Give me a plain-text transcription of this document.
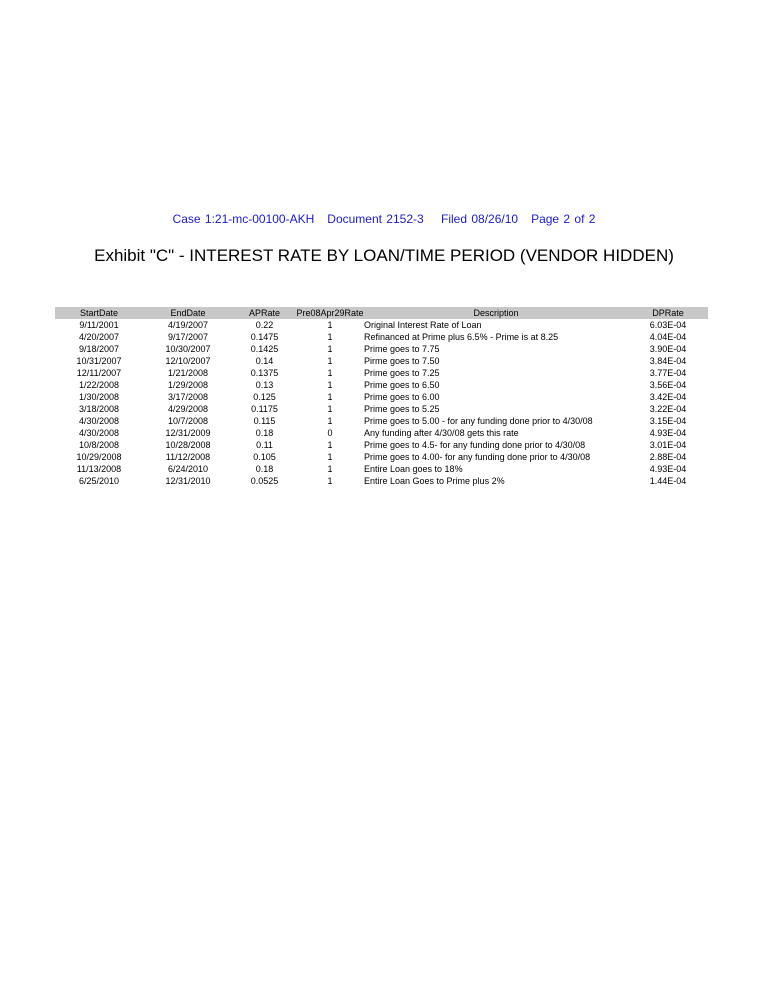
Case 1:21-mc-00100-AKH   Document 2152-3    Filed 08/26/10   Page 2 of 2
Exhibit "C" - INTEREST RATE BY LOAN/TIME PERIOD (VENDOR HIDDEN)
StartDate	EndDate	APRate	Pre08Apr29Rate	Description	DPRate
9/11/2001	4/19/2007	0.22	1	Original Interest Rate of Loan	6.03E-04
4/20/2007	9/17/2007	0.1475	1	Refinanced at Prime plus 6.5% - Prime is at 8.25	4.04E-04
9/18/2007	10/30/2007	0.1425	1	Prime goes to 7.75	3.90E-04
10/31/2007	12/10/2007	0.14	1	Pirme goes to 7.50	3.84E-04
12/11/2007	1/21/2008	0.1375	1	Prime goes to 7.25	3.77E-04
1/22/2008	1/29/2008	0.13	1	Prime goes to 6.50	3.56E-04
1/30/2008	3/17/2008	0.125	1	Prime goes to 6.00	3.42E-04
3/18/2008	4/29/2008	0.1175	1	Prime goes to 5.25	3.22E-04
4/30/2008	10/7/2008	0.115	1	Prime goes to 5.00 - for any funding done prior to 4/30/08	3.15E-04
4/30/2008	12/31/2009	0.18	0	Any funding after 4/30/08 gets this rate	4.93E-04
10/8/2008	10/28/2008	0.11	1	Prime goes to 4.5- for any funding done prior to 4/30/08	3.01E-04
10/29/2008	11/12/2008	0.105	1	Prime goes to 4.00- for any funding done prior to 4/30/08	2.88E-04
11/13/2008	6/24/2010	0.18	1	Entire Loan goes to 18%	4.93E-04
6/25/2010	12/31/2010	0.0525	1	Entire Loan Goes to Prime plus 2%	1.44E-04
